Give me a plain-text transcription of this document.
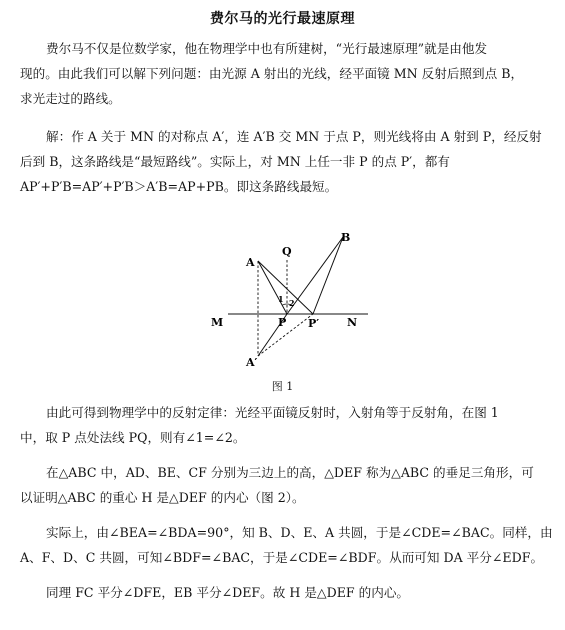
费尔马的光行最速原理

费尔马不仅是位数学家，他在物理学中也有所建树，“光行最速原理”就是由他发
现的。由此我们可以解下列问题：由光源 A 射出的光线，经平面镜 MN 反射后照到点 B，
求光走过的路线。

解：作 A 关于 MN 的对称点 A′，连 A′B 交 MN 于点 P，则光线将由 A 射到 P，经反射
后到 B，这条路线是“最短路线”。实际上，对 MN 上任一非 P 的点 P′，都有
AP′+P′B=AP′+P′B＞A′B=AP+PB。即这条路线最短。

A
B
Q
M	N
P P′
A′
1 2
图 1

由此可得到物理学中的反射定律：光经平面镜反射时，入射角等于反射角，在图 1
中，取 P 点处法线 PQ，则有∠1=∠2。

在△ABC 中，AD、BE、CF 分别为三边上的高，△DEF 称为△ABC 的垂足三角形，可
以证明△ABC 的重心 H 是△DEF 的内心（图 2）。

实际上，由∠BEA=∠BDA=90°，知 B、D、E、A 共圆，于是∠CDE=∠BAC。同样，由
A、F、D、C 共圆，可知∠BDF=∠BAC，于是∠CDE=∠BDF。从而可知 DA 平分∠EDF。

同理 FC 平分∠DFE，EB 平分∠DEF。故 H 是△DEF 的内心。
